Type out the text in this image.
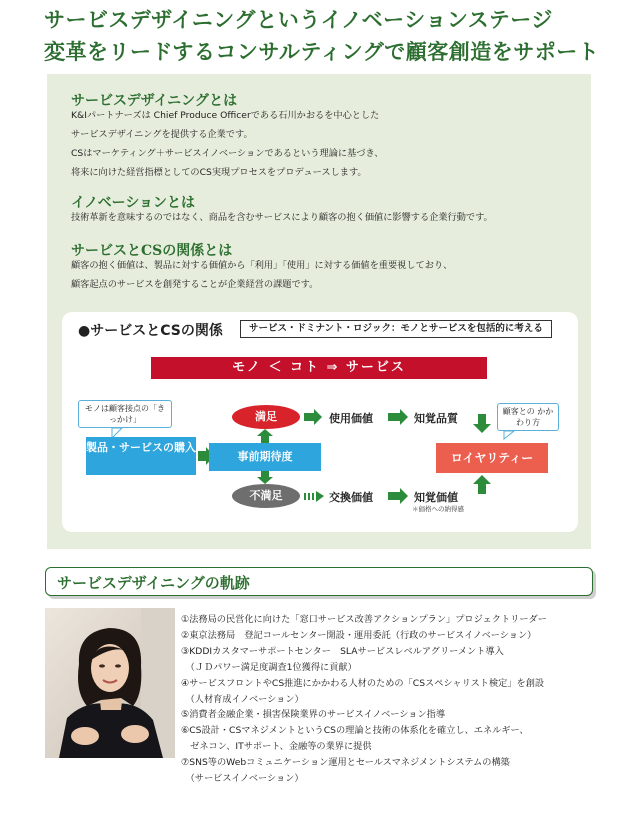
サービスデザイニングというイノベーションステージ
変革をリードするコンサルティングで顧客創造をサポート
サービスデザイニングとは
K&Iパートナーズは Chief Produce Officerである石川かおるを中心とした
サービスデザイニングを提供する企業です。
CSはマーケティング＋サービスイノベーションであるという理論に基づき、
将来に向けた経営指標としてのCS実現プロセスをプロデュースします。
イノベーションとは
技術革新を意味するのではなく、商品を含むサービスにより顧客の抱く価値に影響する企業行動です。
サービスとCSの関係とは
顧客の抱く価値は、製品に対する価値から「利用」「使用」に対する価値を重要視しており、
顧客起点のサービスを創発することが企業経営の課題です。
●サービスとCSの関係	サービス・ドミナント・ロジック：モノとサービスを包括的に考える
モノ ＜ コト ⇒ サービス
モノは顧客接点の「きっかけ」
顧客との かかわり方
製品・サービスの購入
事前期待度
満足
不満足
使用価値	知覚品質
交換価値	知覚価値
＊価格への納得感
ロイヤリティー
サービスデザイニングの軌跡
①法務局の民営化に向けた「窓口サービス改善アクションプラン」プロジェクトリーダー
②東京法務局　登記コールセンター開設・運用委託（行政のサービスイノベーション）
③KDDIカスタマーサポートセンター　SLAサービスレベルアグリーメント導入
　（ＪＤパワー満足度調査1位獲得に貢献）
④サービスフロントやCS推進にかかわる人材のための「CSスペシャリスト検定」を創設
　（人材育成イノベーション）
⑤消費者金融企業・損害保険業界のサービスイノベーション指導
⑥CS設計・CSマネジメントというCSの理論と技術の体系化を確立し、エネルギー、
　ゼネコン、ITサポート、金融等の業界に提供
⑦SNS等のWebコミュニケーション運用とセールスマネジメントシステムの構築
　（サービスイノベーション）
